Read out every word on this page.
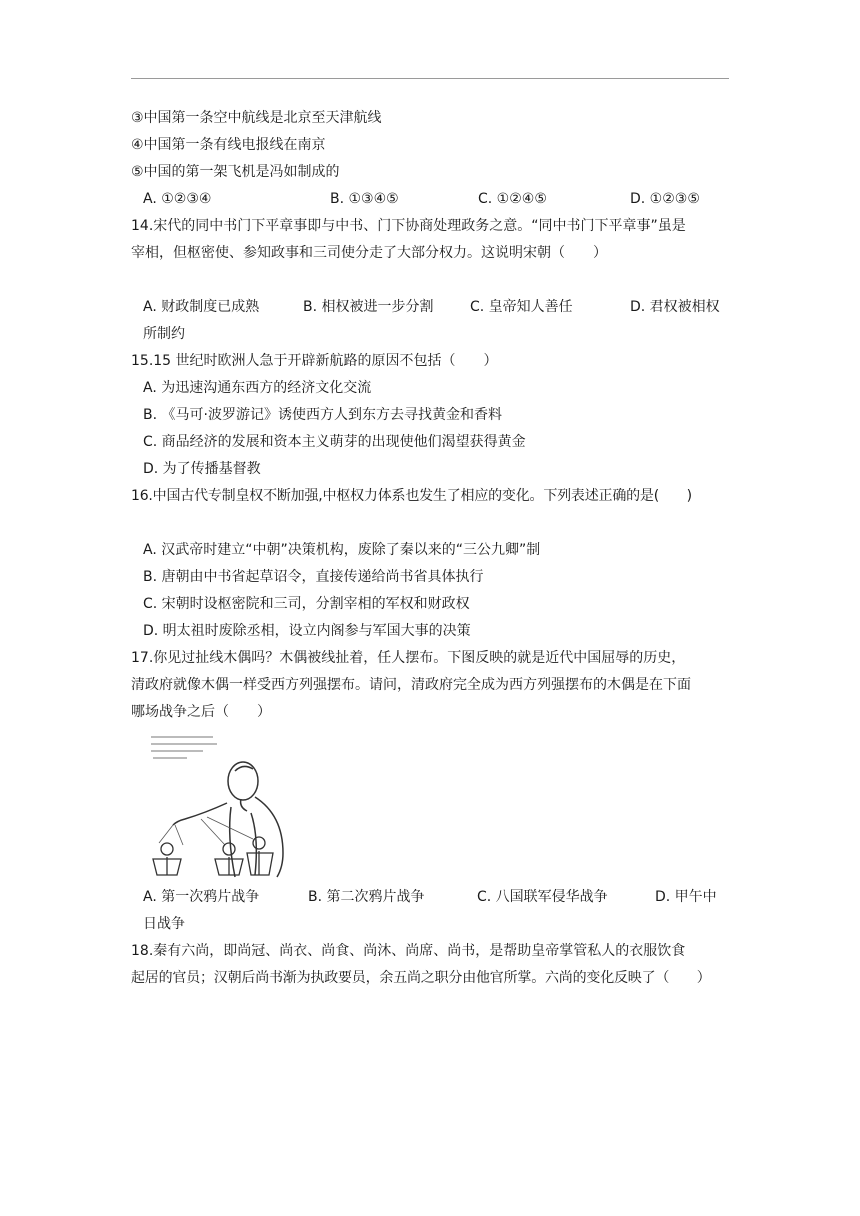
③中国第一条空中航线是北京至天津航线
④中国第一条有线电报线在南京
⑤中国的第一架飞机是冯如制成的
A. ①②③④	B. ①③④⑤	C. ①②④⑤	D. ①②③⑤
14.宋代的同中书门下平章事即与中书、门下协商处理政务之意。“同中书门下平章事”虽是
宰相，但枢密使、参知政事和三司使分走了大部分权力。这说明宋朝（　　）
A. 财政制度已成熟	B. 相权被进一步分割	C. 皇帝知人善任	D. 君权被相权
所制约
15.15 世纪时欧洲人急于开辟新航路的原因不包括（　　）
A. 为迅速沟通东西方的经济文化交流
B. 《马可·波罗游记》诱使西方人到东方去寻找黄金和香料
C. 商品经济的发展和资本主义萌芽的出现使他们渴望获得黄金
D. 为了传播基督教
16.中国古代专制皇权不断加强,中枢权力体系也发生了相应的变化。下列表述正确的是(　　)
A. 汉武帝时建立“中朝”决策机构，废除了秦以来的“三公九卿”制
B. 唐朝由中书省起草诏令，直接传递给尚书省具体执行
C. 宋朝时设枢密院和三司，分割宰相的军权和财政权
D. 明太祖时废除丞相，设立内阁参与军国大事的决策
17.你见过扯线木偶吗？木偶被线扯着，任人摆布。下图反映的就是近代中国屈辱的历史，
清政府就像木偶一样受西方列强摆布。请问，清政府完全成为西方列强摆布的木偶是在下面
哪场战争之后（　　）
A. 第一次鸦片战争	B. 第二次鸦片战争	C. 八国联军侵华战争	D. 甲午中
日战争
18.秦有六尚，即尚冠、尚衣、尚食、尚沐、尚席、尚书，是帮助皇帝掌管私人的衣服饮食
起居的官员；汉朝后尚书渐为执政要员，余五尚之职分由他官所掌。六尚的变化反映了（　　）
